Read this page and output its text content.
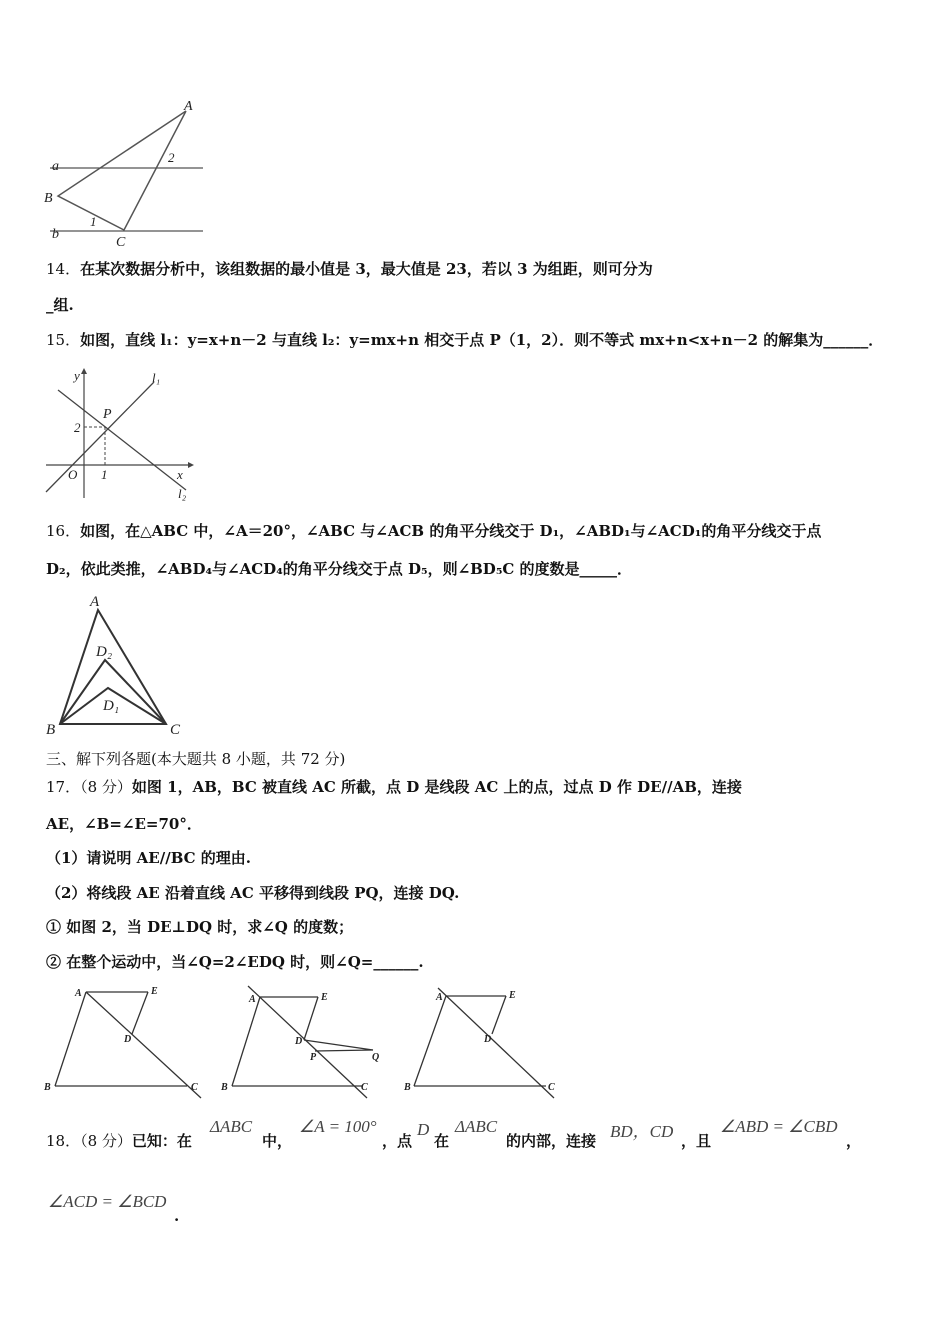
A
a
2
B
b
1
C
14．在某次数据分析中，该组数据的最小值是 3，最大值是 23，若以 3 为组距，则可分为
_组.
15．如图，直线 l₁：y=x+n－2 与直线 l₂：y=mx+n 相交于点 P（1，2）．则不等式 mx+n<x+n－2 的解集为______．
y	l₁
P
2
O 1	x
l₂
16．如图，在△ABC 中，∠A＝20°，∠ABC 与∠ACB 的角平分线交于 D₁，∠ABD₁与∠ACD₁的角平分线交于点
D₂，依此类推，∠ABD₄与∠ACD₄的角平分线交于点 D₅，则∠BD₅C 的度数是_____．
A
D₂
D₁
B	C
三、解下列各题(本大题共 8 小题，共 72 分)
17．（8 分）如图 1，AB，BC 被直线 AC 所截，点 D 是线段 AC 上的点，过点 D 作 DE//AB，连接
AE，∠B=∠E=70°．
（1）请说明 AE//BC 的理由.
（2）将线段 AE 沿着直线 AC 平移得到线段 PQ，连接 DQ.
① 如图 2，当 DE⊥DQ 时，求∠Q 的度数；
② 在整个运动中，当∠Q=2∠EDQ 时，则∠Q=______.
A	E
D
B	C
A	E
D
P	Q
B	C
A	E
D
B	C
18．（8 分）已知：在
ΔABC
中，
∠A = 100°
，点
D
在
ΔABC
的内部，连接 BD，CD ，且
∠ABD = ∠CBD
，
∠ACD = ∠BCD
.
